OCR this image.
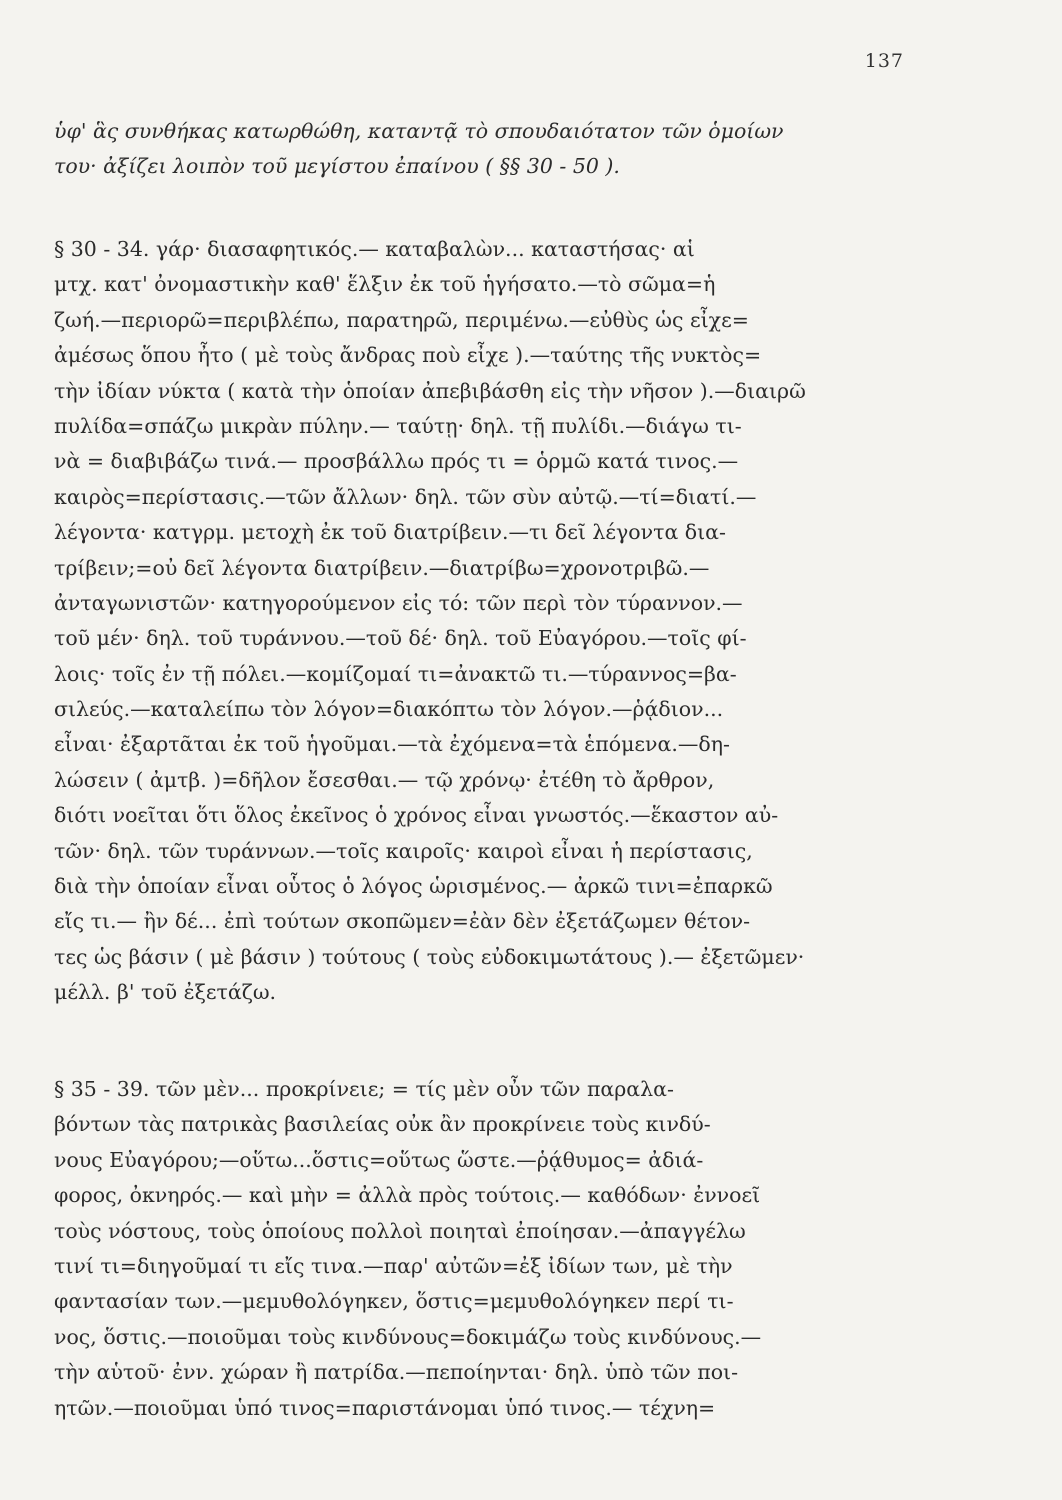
137
ὑφ' ἃς συνθήκας κατωρθώθη, καταντᾷ τὸ σπουδαιότατον τῶν ὁμοίων
του· ἀξίζει λοιπὸν τοῦ μεγίστου ἐπαίνου ( §§ 30 - 50 ).
§ 30 - 34. γάρ· διασαφητικός.— καταβαλὼν... καταστήσας· αἱ
μτχ. κατ' ὀνομαστικὴν καθ' ἕλξιν ἐκ τοῦ ἡγήσατο.—τὸ σῶμα=ἡ
ζωή.—περιορῶ=περιβλέπω, παρατηρῶ, περιμένω.—εὐθὺς ὡς εἶχε=
ἀμέσως ὅπου ἦτο ( μὲ τοὺς ἄνδρας ποὺ εἶχε ).—ταύτης τῆς νυκτὸς=
τὴν ἰδίαν νύκτα ( κατὰ τὴν ὁποίαν ἀπεβιβάσθη εἰς τὴν νῆσον ).—διαιρῶ
πυλίδα=σπάζω μικρὰν πύλην.— ταύτῃ· δηλ. τῇ πυλίδι.—διάγω τι-
νὰ = διαβιβάζω τινά.— προσβάλλω πρός τι = ὁρμῶ κατά τινος.—
καιρὸς=περίστασις.—τῶν ἄλλων· δηλ. τῶν σὺν αὐτῷ.—τί=διατί.—
λέγοντα· κατγρμ. μετοχὴ ἐκ τοῦ διατρίβειν.—τι δεῖ λέγοντα δια-
τρίβειν;=οὐ δεῖ λέγοντα διατρίβειν.—διατρίβω=χρονοτριβῶ.—
ἀνταγωνιστῶν· κατηγορούμενον εἰς τό: τῶν περὶ τὸν τύραννον.—
τοῦ μέν· δηλ. τοῦ τυράννου.—τοῦ δέ· δηλ. τοῦ Εὐαγόρου.—τοῖς φί-
λοις· τοῖς ἐν τῇ πόλει.—κομίζομαί τι=ἀνακτῶ τι.—τύραννος=βα-
σιλεύς.—καταλείπω τὸν λόγον=διακόπτω τὸν λόγον.—ῥᾴδιον...
εἶναι· ἐξαρτᾶται ἐκ τοῦ ἡγοῦμαι.—τὰ ἐχόμενα=τὰ ἑπόμενα.—δη-
λώσειν ( ἀμτβ. )=δῆλον ἔσεσθαι.— τῷ χρόνῳ· ἐτέθη τὸ ἄρθρον,
διότι νοεῖται ὅτι ὅλος ἐκεῖνος ὁ χρόνος εἶναι γνωστός.—ἕκαστον αὐ-
τῶν· δηλ. τῶν τυράννων.—τοῖς καιροῖς· καιροὶ εἶναι ἡ περίστασις,
διὰ τὴν ὁποίαν εἶναι οὗτος ὁ λόγος ὡρισμένος.— ἀρκῶ τινι=ἐπαρκῶ
εἴς τι.— ἢν δέ... ἐπὶ τούτων σκοπῶμεν=ἐὰν δὲν ἐξετάζωμεν θέτον-
τες ὡς βάσιν ( μὲ βάσιν ) τούτους ( τοὺς εὐδοκιμωτάτους ).— ἐξετῶμεν·
μέλλ. β' τοῦ ἐξετάζω.
§ 35 - 39. τῶν μὲν... προκρίνειε; = τίς μὲν οὖν τῶν παραλα-
βόντων τὰς πατρικὰς βασιλείας οὐκ ἂν προκρίνειε τοὺς κινδύ-
νους Εὐαγόρου;—οὕτω...ὅστις=οὕτως ὥστε.—ῥᾴθυμος= ἀδιά-
φορος, ὀκνηρός.— καὶ μὴν = ἀλλὰ πρὸς τούτοις.— καθόδων· ἐννοεῖ
τοὺς νόστους, τοὺς ὁποίους πολλοὶ ποιηταὶ ἐποίησαν.—ἀπαγγέλω
τινί τι=διηγοῦμαί τι εἴς τινα.—παρ' αὐτῶν=ἐξ ἰδίων των, μὲ τὴν
φαντασίαν των.—μεμυθολόγηκεν, ὅστις=μεμυθολόγηκεν περί τι-
νος, ὅστις.—ποιοῦμαι τοὺς κινδύνους=δοκιμάζω τοὺς κινδύνους.—
τὴν αὑτοῦ· ἐνν. χώραν ἢ πατρίδα.—πεποίηνται· δηλ. ὑπὸ τῶν ποι-
ητῶν.—ποιοῦμαι ὑπό τινος=παριστάνομαι ὑπό τινος.— τέχνη=
